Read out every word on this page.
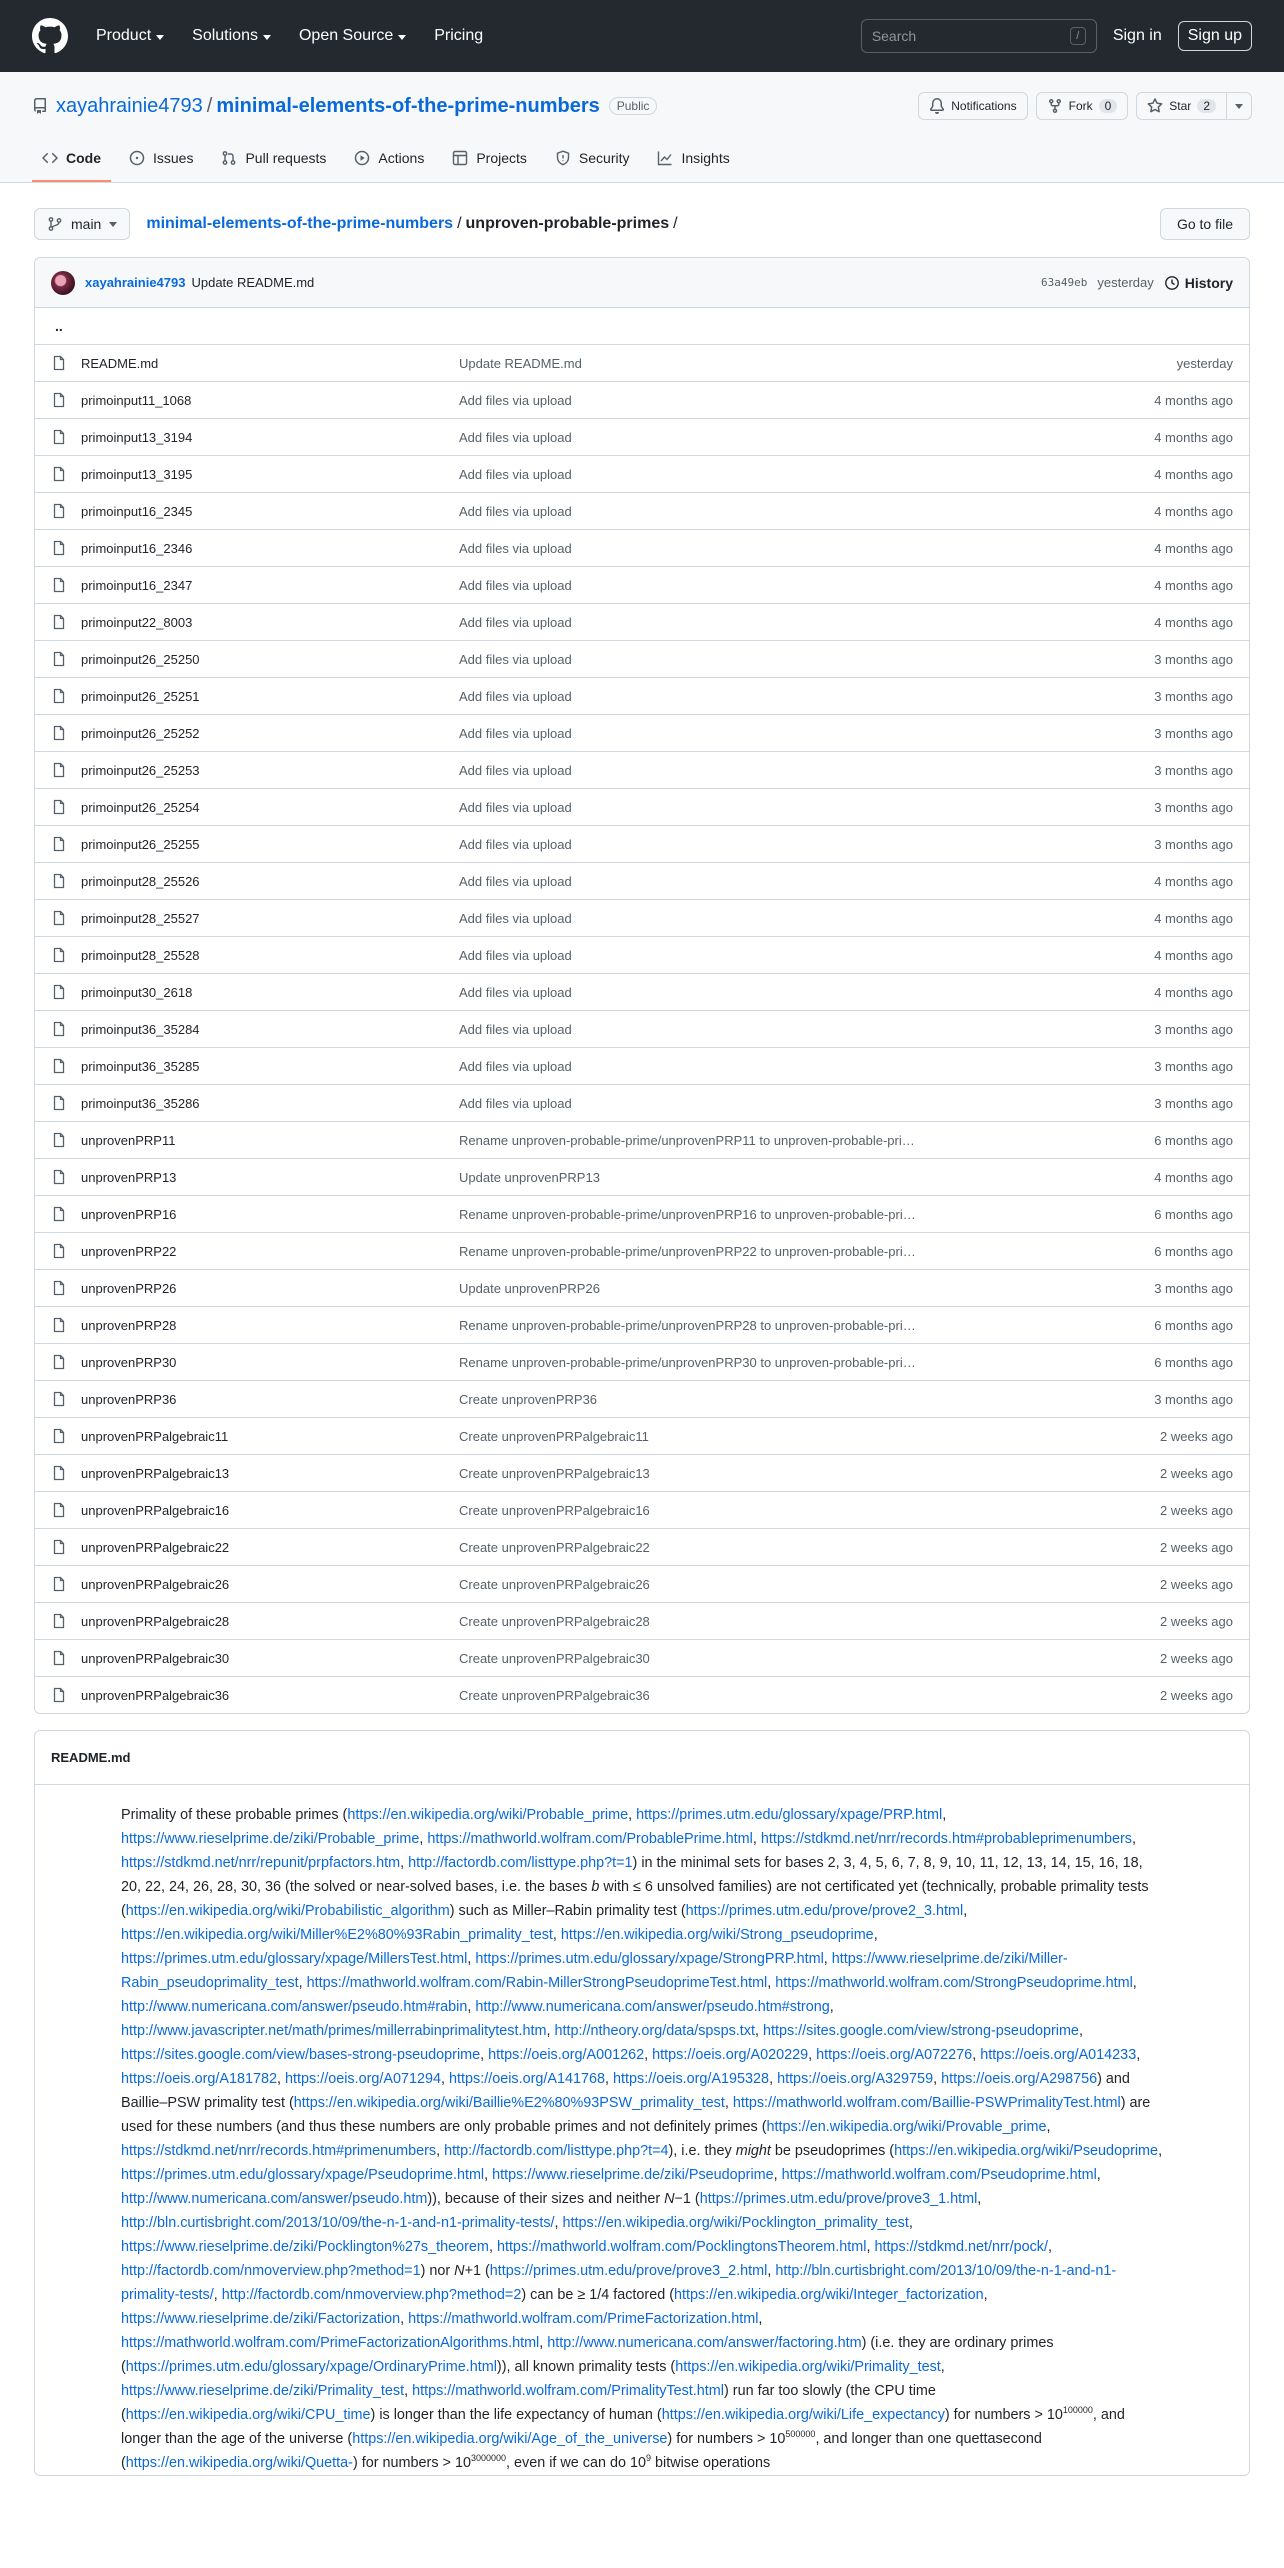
Product	Solutions	Open Source	Pricing	Search	/	Sign in	Sign up
xayahrainie4793 / minimal-elements-of-the-prime-numbers	Public	Notifications	Fork	0	Star	2
Code	Issues	Pull requests	Actions	Projects	Security	Insights
main	minimal-elements-of-the-prime-numbers / unproven-probable-primes /	Go to file
xayahrainie4793 Update README.md	63a49eb yesterday History
..
README.md	Update README.md	yesterday
primoinput11_1068	Add files via upload	4 months ago
primoinput13_3194	Add files via upload	4 months ago
primoinput13_3195	Add files via upload	4 months ago
primoinput16_2345	Add files via upload	4 months ago
primoinput16_2346	Add files via upload	4 months ago
primoinput16_2347	Add files via upload	4 months ago
primoinput22_8003	Add files via upload	4 months ago
primoinput26_25250	Add files via upload	3 months ago
primoinput26_25251	Add files via upload	3 months ago
primoinput26_25252	Add files via upload	3 months ago
primoinput26_25253	Add files via upload	3 months ago
primoinput26_25254	Add files via upload	3 months ago
primoinput26_25255	Add files via upload	3 months ago
primoinput28_25526	Add files via upload	4 months ago
primoinput28_25527	Add files via upload	4 months ago
primoinput28_25528	Add files via upload	4 months ago
primoinput30_2618	Add files via upload	4 months ago
primoinput36_35284	Add files via upload	3 months ago
primoinput36_35285	Add files via upload	3 months ago
primoinput36_35286	Add files via upload	3 months ago
unprovenPRP11	Rename unproven-probable-prime/unprovenPRP11 to unproven-probable-pri…	6 months ago
unprovenPRP13	Update unprovenPRP13	4 months ago
unprovenPRP16	Rename unproven-probable-prime/unprovenPRP16 to unproven-probable-pri…	6 months ago
unprovenPRP22	Rename unproven-probable-prime/unprovenPRP22 to unproven-probable-pri…	6 months ago
unprovenPRP26	Update unprovenPRP26	3 months ago
unprovenPRP28	Rename unproven-probable-prime/unprovenPRP28 to unproven-probable-pri…	6 months ago
unprovenPRP30	Rename unproven-probable-prime/unprovenPRP30 to unproven-probable-pri…	6 months ago
unprovenPRP36	Create unprovenPRP36	3 months ago
unprovenPRPalgebraic11	Create unprovenPRPalgebraic11	2 weeks ago
unprovenPRPalgebraic13	Create unprovenPRPalgebraic13	2 weeks ago
unprovenPRPalgebraic16	Create unprovenPRPalgebraic16	2 weeks ago
unprovenPRPalgebraic22	Create unprovenPRPalgebraic22	2 weeks ago
unprovenPRPalgebraic26	Create unprovenPRPalgebraic26	2 weeks ago
unprovenPRPalgebraic28	Create unprovenPRPalgebraic28	2 weeks ago
unprovenPRPalgebraic30	Create unprovenPRPalgebraic30	2 weeks ago
unprovenPRPalgebraic36	Create unprovenPRPalgebraic36	2 weeks ago
README.md

Primality of these probable primes (https://en.wikipedia.org/wiki/Probable_prime, https://primes.utm.edu/glossary/xpage/PRP.html, https://www.rieselprime.de/ziki/Probable_prime, https://mathworld.wolfram.com/ProbablePrime.html, https://stdkmd.net/nrr/records.htm#probableprimenumbers, https://stdkmd.net/nrr/repunit/prpfactors.htm, http://factordb.com/listtype.php?t=1) in the minimal sets for bases 2, 3, 4, 5, 6, 7, 8, 9, 10, 11, 12, 13, 14, 15, 16, 18, 20, 22, 24, 26, 28, 30, 36 (the solved or near-solved bases, i.e. the bases b with ≤ 6 unsolved families) are not certificated yet (technically, probable primality tests (https://en.wikipedia.org/wiki/Probabilistic_algorithm) such as Miller–Rabin primality test (https://primes.utm.edu/prove/prove2_3.html, https://en.wikipedia.org/wiki/Miller%E2%80%93Rabin_primality_test, https://en.wikipedia.org/wiki/Strong_pseudoprime, https://primes.utm.edu/glossary/xpage/MillersTest.html, https://primes.utm.edu/glossary/xpage/StrongPRP.html, https://www.rieselprime.de/ziki/Miller-Rabin_pseudoprimality_test, https://mathworld.wolfram.com/Rabin-MillerStrongPseudoprimeTest.html, https://mathworld.wolfram.com/StrongPseudoprime.html, http://www.numericana.com/answer/pseudo.htm#rabin, http://www.numericana.com/answer/pseudo.htm#strong, http://www.javascripter.net/math/primes/millerrabinprimalitytest.htm, http://ntheory.org/data/spsps.txt, https://sites.google.com/view/strong-pseudoprime, https://sites.google.com/view/bases-strong-pseudoprime, https://oeis.org/A001262, https://oeis.org/A020229, https://oeis.org/A072276, https://oeis.org/A014233, https://oeis.org/A181782, https://oeis.org/A071294, https://oeis.org/A141768, https://oeis.org/A195328, https://oeis.org/A329759, https://oeis.org/A298756) and Baillie–PSW primality test (https://en.wikipedia.org/wiki/Baillie%E2%80%93PSW_primality_test, https://mathworld.wolfram.com/Baillie-PSWPrimalityTest.html) are used for these numbers (and thus these numbers are only probable primes and not definitely primes (https://en.wikipedia.org/wiki/Provable_prime, https://stdkmd.net/nrr/records.htm#primenumbers, http://factordb.com/listtype.php?t=4), i.e. they might be pseudoprimes (https://en.wikipedia.org/wiki/Pseudoprime, https://primes.utm.edu/glossary/xpage/Pseudoprime.html, https://www.rieselprime.de/ziki/Pseudoprime, https://mathworld.wolfram.com/Pseudoprime.html, http://www.numericana.com/answer/pseudo.htm)), because of their sizes and neither N−1 (https://primes.utm.edu/prove/prove3_1.html, http://bln.curtisbright.com/2013/10/09/the-n-1-and-n1-primality-tests/, https://en.wikipedia.org/wiki/Pocklington_primality_test, https://www.rieselprime.de/ziki/Pocklington%27s_theorem, https://mathworld.wolfram.com/PocklingtonsTheorem.html, https://stdkmd.net/nrr/pock/, http://factordb.com/nmoverview.php?method=1) nor N+1 (https://primes.utm.edu/prove/prove3_2.html, http://bln.curtisbright.com/2013/10/09/the-n-1-and-n1-primality-tests/, http://factordb.com/nmoverview.php?method=2) can be ≥ 1/4 factored (https://en.wikipedia.org/wiki/Integer_factorization, https://www.rieselprime.de/ziki/Factorization, https://mathworld.wolfram.com/PrimeFactorization.html, https://mathworld.wolfram.com/PrimeFactorizationAlgorithms.html, http://www.numericana.com/answer/factoring.htm) (i.e. they are ordinary primes (https://primes.utm.edu/glossary/xpage/OrdinaryPrime.html)), all known primality tests (https://en.wikipedia.org/wiki/Primality_test, https://www.rieselprime.de/ziki/Primality_test, https://mathworld.wolfram.com/PrimalityTest.html) run far too slowly (the CPU time (https://en.wikipedia.org/wiki/CPU_time) is longer than the life expectancy of human (https://en.wikipedia.org/wiki/Life_expectancy) for numbers > $10^{100000}$, and longer than the age of the universe (https://en.wikipedia.org/wiki/Age_of_the_universe) for numbers > $10^{500000}$, and longer than one quettasecond (https://en.wikipedia.org/wiki/Quetta-) for numbers > $10^{3000000}$, even if we can do $10^9$ bitwise operations
